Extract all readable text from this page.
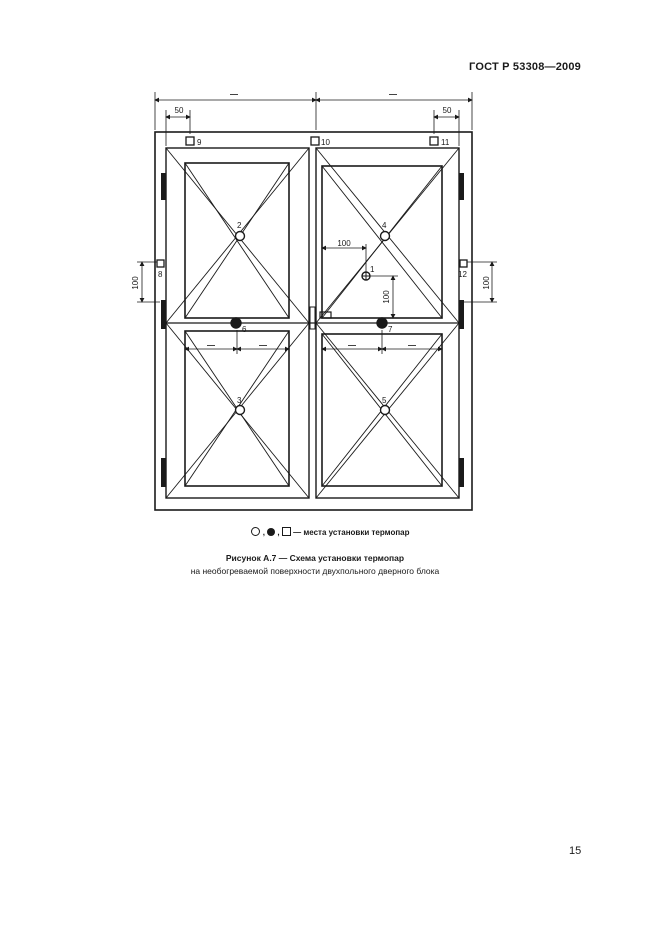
ГОСТ Р 53308—2009
—	—
50	50
100
—	—	—	—
100	100
100
2	4
3	5
1
6	7
9	10	11
8	12
, , — места установки термопар
Рисунок А.7 — Схема установки термопар
на необогреваемой поверхности двухпольного дверного блока
15
